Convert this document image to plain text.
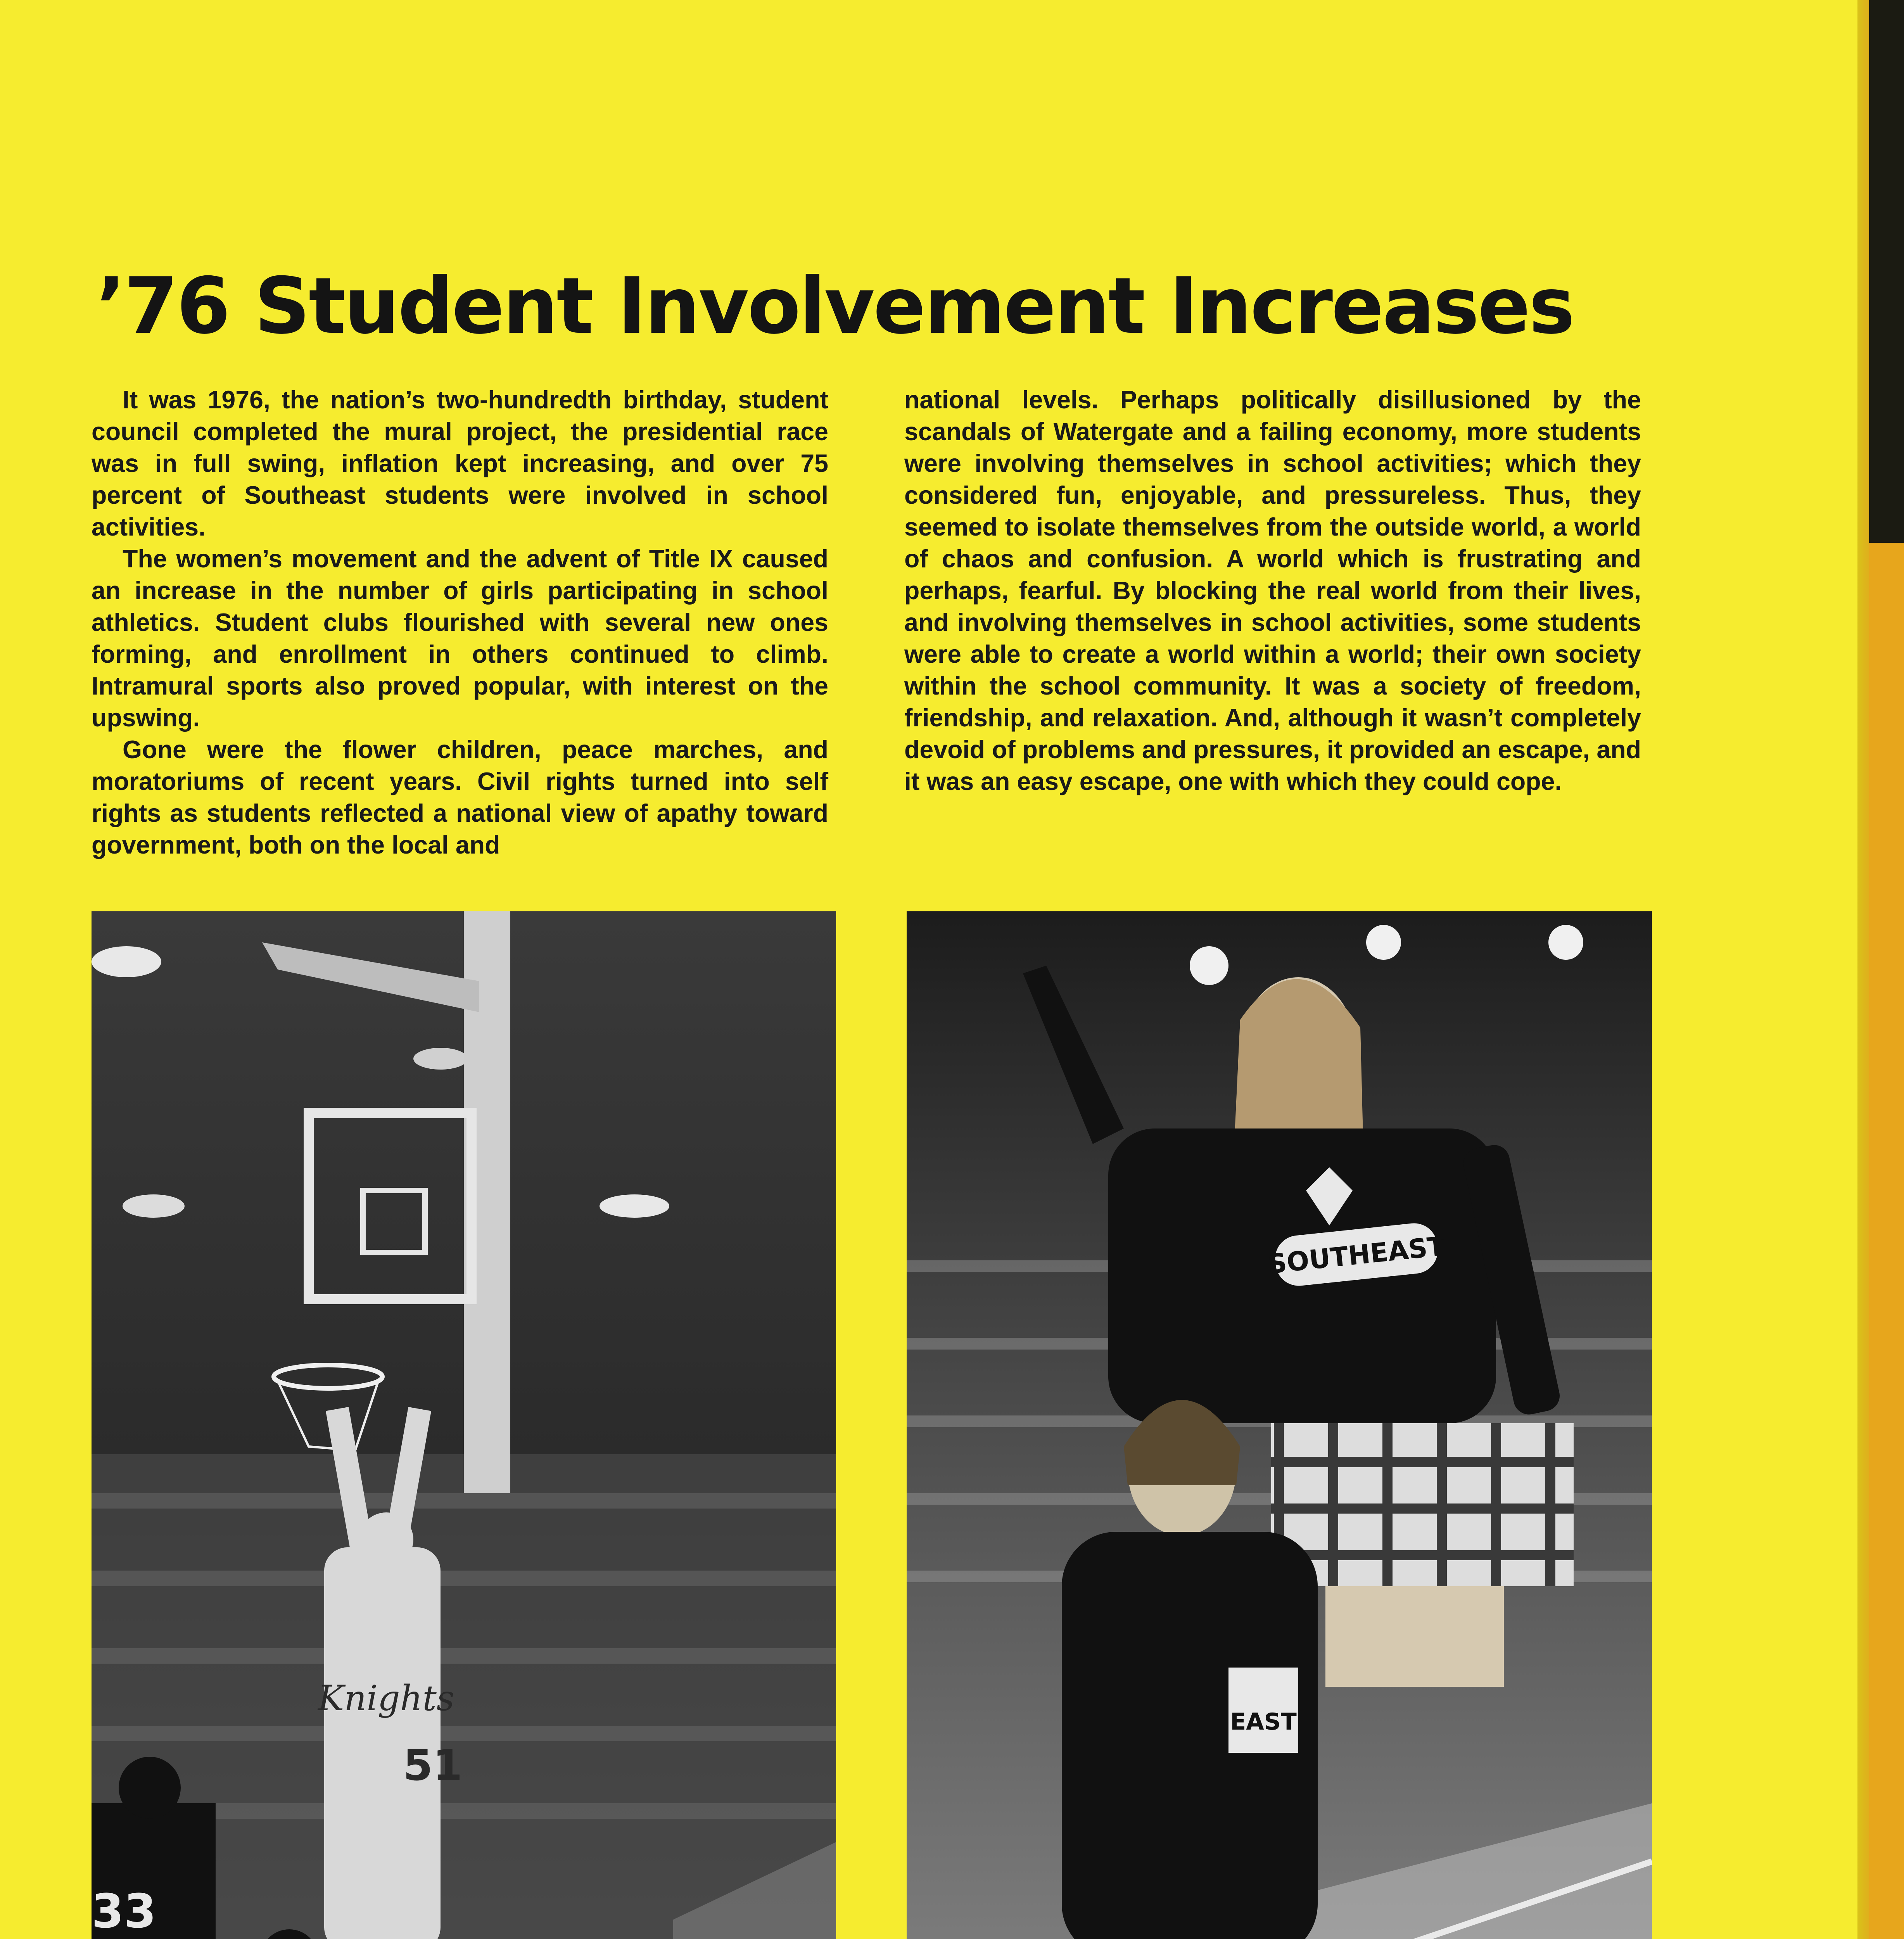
’76 Student Involvement Increases

It was 1976, the nation’s two-hundredth birthday, student council completed the mural project, the presidential race was in full swing, inflation kept increasing, and over 75 percent of Southeast students were involved in school activities.

The women’s movement and the advent of Title IX caused an increase in the number of girls participating in school athletics. Student clubs flourished with several new ones forming, and enrollment in others continued to climb. Intramural sports also proved popular, with interest on the upswing.

Gone were the flower children, peace marches, and moratoriums of recent years. Civil rights turned into self rights as students reflected a national view of apathy toward government, both on the local and

national levels. Perhaps politically disillusioned by the scandals of Watergate and a failing economy, more students were involving themselves in school activities; which they considered fun, enjoyable, and pressureless. Thus, they seemed to isolate themselves from the outside world, a world of chaos and confusion. A world which is frustrating and perhaps, fearful. By blocking the real world from their lives, and involving themselves in school activities, some students were able to create a world within a world; their own society within the school community. It was a society of freedom, friendship, and relaxation. And, although it wasn’t completely devoid of problems and pressures, it provided an escape, and it was an easy escape, one with which they could cope.

Knights
51
33
SOUTHEAST
EAST
